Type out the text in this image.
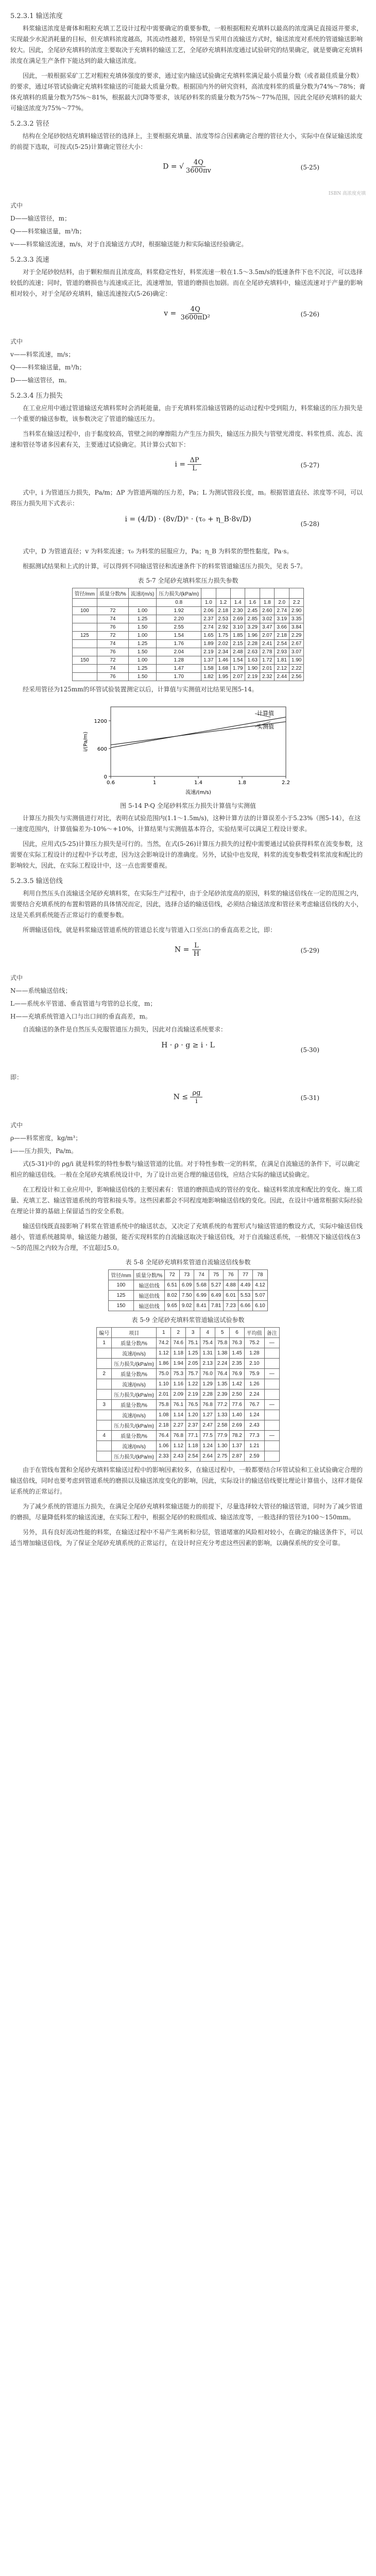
5.2.3.1 输送浓度

料浆输送浓度是膏体和粗粒充填工艺设计过程中需要确定的重要参数，一般根据粗粒充填料以最高的浓度满足直接返井要求，实现最少水泥消耗量的目标，但充填料浓度越高，其流动性越差，特别是当采用自流输送方式时，输送浓度对系统的管道输送影响较大。因此，全尾砂充填料的浓度主要取决于充填料的输送工艺，全尾砂充填料浓度通过试验研究的结果确定，就是要确定充填料浓度在满足生产条件下能达到的最大输送浓度。

因此，一般根据采矿工艺对粗粒充填体强度的要求，通过室内输送试验确定充填料浆满足最小质量分数（或者最佳质量分数）的要求，通过环管试验确定充填料浆输送的可能最大质量分数。根据国内外的研究资料，高浓度料浆的质量分数为74%～78%；膏体充填料的质量分数为75%～81%，根据最大沉降等要求，该尾砂料浆的质量分数为75%～77%范围，因此全尾砂充填料的最大可输送浓度为75%～77%。

5.2.3.2 管径

结构在全尾砂胶结充填料输送管径的选择上，主要根据充填量、浓度等综合因素确定合理的管径大小，实际中在保证输送浓度的前提下选取，可按式(5-25)计算确定管径大小：

D = √ $\frac{4Q}{3600\pi v}$	(5-25)
ISBN 高浓度充填
式中
D——输送管径，m；
Q——料浆输送量，m³/h；
v——料浆输送流速，m/s，对于自流输送方式时，根据输送能力和实际输送经验确定。
5.2.3.3 流速

对于全尾砂胶结料，由于颗粒细而且浓度高，料浆稳定性好，料浆流速一般在1.5～3.5m/s的低速条件下也不沉淀，可以选择较低的流速；同时，管道的磨损也与流速成正比，流速增加，管道的磨损也加剧。而在全尾砂充填料中，输送流速对于产量的影响相对较小，对于全尾砂充填料，输送流速按式(5-26)确定：

$v = \frac{4Q}{\text{3600πD²}}$	(5-26)
式中
v——料浆流速，m/s；
Q——料浆输送量，m³/h；
D——输送管径，m。
5.2.3.4 压力损失

在工业应用中通过管道输送充填料浆时会消耗能量，由于充填料浆沿输送管路的运动过程中受到阻力，料浆输送的压力损失是一个重要的输送参数，该参数决定了管道的输送压力。

当料浆在输送过程中，由于黏度较高，管壁之间的摩擦阻力产生压力损失，输送压力损失与管壁光滑度、料浆性质、流态、流速和管径等诸多因素有关，主要通过试验确定。其计算公式如下：

$i = \frac{\Delta P}{L}$	(5-27)

式中，i 为管道压力损失，Pa/m；ΔP 为管道两端的压力差，Pa；L 为测试管段长度，m。根据管道直径、浓度等不同，可以将压力损失用下式表示：

i = (4/D) · (8v/D)ⁿ · (τ₀ + η_B·8v/D)
(5-28)

式中，D 为管道直径；v 为料浆流速；τ₀ 为料浆的屈服应力，Pa；η_B 为料浆的塑性黏度，Pa·s。

根据测试结果和上式的计算，可以得到不同输送管径和流速条件下的料浆管道输送压力损失，见表 5-7。

表 5-7 全尾砂充填料浆压力损失参数
管径/mm	质量分数/%	流速/(m/s)	压力损失/(kPa/m)							
			0.8	1.0	1.2	1.4	1.6	1.8	2.0	2.2
100	72	1.00	1.92	2.06	2.18	2.30	2.45	2.60	2.74	2.90
	74	1.25	2.20	2.37	2.53	2.69	2.85	3.02	3.19	3.35
	76	1.50	2.55	2.74	2.92	3.10	3.29	3.47	3.66	3.84
125	72	1.00	1.54	1.65	1.75	1.85	1.96	2.07	2.18	2.29
	74	1.25	1.76	1.89	2.02	2.15	2.28	2.41	2.54	2.67
	76	1.50	2.04	2.19	2.34	2.48	2.63	2.78	2.93	3.07
150	72	1.00	1.28	1.37	1.46	1.54	1.63	1.72	1.81	1.90
	74	1.25	1.47	1.58	1.68	1.79	1.90	2.01	2.12	2.22
	76	1.50	1.70	1.82	1.95	2.07	2.19	2.32	2.44	2.56

经采用管径为125mm的环管试验装置测定以后，计算值与实测值对比结果见图5-14。

0
600
1200
0.6	1	1.4	1.8	2.2
流速/(m/s)
i/(Pa/m)
计算值
实测值
图 5-14 P-Q 全尾砂料浆压力损失计算值与实测值

计算压力损失与实测值进行对比，表明在试验范围内(1.1～1.5m/s)，这种计算方法的计算误差小于5.23%（图5-14），在这一速度范围内，计算值偏差为-10%～+10%，计算结果与实测值基本符合，实验结果可以满足工程设计要求。

因此，应用式(5-25)计算压力损失是可行的。当然，在式(5-26)计算压力损失的过程中需要通过试验获得料浆在流变参数，这需要在实际工程设计的过程中予以考虑，因为这会影响设计的准确度。另外，试验中也发现，料浆的流变参数受料浆浓度和配比的影响较大，因此，在实际工程设计中，这一点也需要重视。

5.2.3.5 输送倍线

利用自然压头自流输送全尾砂充填料浆，在实际生产过程中，由于全尾砂浓度高的原因，料浆的输送倍线在一定的范围之内，需要结合充填系统的布置和管路的具体情况而定，因此，选择合适的输送倍线，必须结合输送浓度和管径来考虑输送倍线的大小，这是关系到系统能否正常运行的重要参数。

所谓输送倍线，就是料浆输送管道系统的管道总长度与管道入口至出口的垂直高差之比，即：

$N = \frac{L}{H}$	(5-29)
式中
N——系统输送倍线；
L——系统水平管道、垂直管道与弯管的总长度，m；
H——充填系统管道入口与出口间的垂直高差，m。

自流输送的条件是自然压头克服管道压力损失，因此对自流输送系统要求：

H · ρ · g ≥ i · L
(5-30)

即：

$N \le \frac{\rho g}{i}$	(5-31)
式中
ρ——料浆密度，kg/m³；
i——压力损失，Pa/m。

式(5-31)中的 ρg/i 就是料浆的特性参数与输送管道的比值。对于特性参数一定的料浆，在满足自流输送的条件下，可以确定相应的输送倍线。一般在全尾砂充填系统设计中，为了设计出更合理的输送倍线，应结合实际的输送试验确定。

在工程设计和工业应用中，影响输送倍线的主要因素有：管道的磨损造成的管径的变化、输送料浆浓度和配比的变化、施工质量、充填工艺、输送管道系统的弯管和接头等。这些因素都会不同程度地影响输送倍线的变化。因此，在设计中通常根据实际经验在理论计算的基础上保留适当的安全系数。

输送倍线既直接影响了料浆在管道系统中的输送状态，又决定了充填系统的布置形式与输送管道的敷设方式，实际中输送倍线越小，管道系统越简单，输送能力越强，能否实现料浆的自流输送取决于输送倍线，对于自流输送系统，一般情况下输送倍线在3～5的范围之内较为合理，不宜超过5.0。

表 5-8 全尾砂充填料浆管道自流输送倍线参数
管径/mm	质量分数/%	72	73	74	75	76	77	78
100	输送倍线	6.51	6.09	5.68	5.27	4.88	4.49	4.12
125	输送倍线	8.02	7.50	6.99	6.49	6.01	5.53	5.07
150	输送倍线	9.65	9.02	8.41	7.81	7.23	6.66	6.10
表 5-9 全尾砂充填料浆管道输送试验参数
编号	项目	1	2	3	4	5	6	平均值	备注
1	质量分数/%	74.2	74.6	75.1	75.4	75.8	76.3	75.2	—
	流速/(m/s)	1.12	1.18	1.25	1.31	1.38	1.45	1.28	
	压力损失/(kPa/m)	1.86	1.94	2.05	2.13	2.24	2.35	2.10	
2	质量分数/%	75.0	75.3	75.7	76.0	76.4	76.9	75.9	—
	流速/(m/s)	1.10	1.16	1.22	1.29	1.35	1.42	1.26	
	压力损失/(kPa/m)	2.01	2.09	2.19	2.28	2.39	2.50	2.24	
3	质量分数/%	75.8	76.1	76.5	76.8	77.2	77.6	76.7	—
	流速/(m/s)	1.08	1.14	1.20	1.27	1.33	1.40	1.24	
	压力损失/(kPa/m)	2.18	2.27	2.37	2.47	2.58	2.69	2.43	
4	质量分数/%	76.4	76.8	77.1	77.5	77.9	78.2	77.3	—
	流速/(m/s)	1.06	1.12	1.18	1.24	1.30	1.37	1.21	
	压力损失/(kPa/m)	2.33	2.43	2.54	2.64	2.75	2.87	2.59	

由于在管线布置和全尾砂充填料浆输送过程中的影响因素较多，在输送过程中，一般都要结合环管试验和工业试验确定合理的输送倍线，同时也要考虑到管道系统的磨损以及输送浓度变化的影响，因此，实际设计的输送倍线要比理论计算值小，这样才能保证系统的正常运行。

为了减少系统的管道压力损失，在满足全尾砂充填料浆输送能力的前提下，尽量选择较大管径的输送管道，同时为了减少管道的磨损，尽量降低料浆的输送流速，在实际工程中，根据全尾砂的粒级组成、输送浓度等，一般选择的管径为100～150mm。

另外，具有良好流动性能的料浆，在输送过程中不易产生离析和分层，管道堵塞的风险相对较小，在确定的输送条件下，可以适当增加输送倍线，为了保证全尾砂充填系统的正常运行，在设计时应充分考虑这些因素的影响，以确保系统的安全可靠。
